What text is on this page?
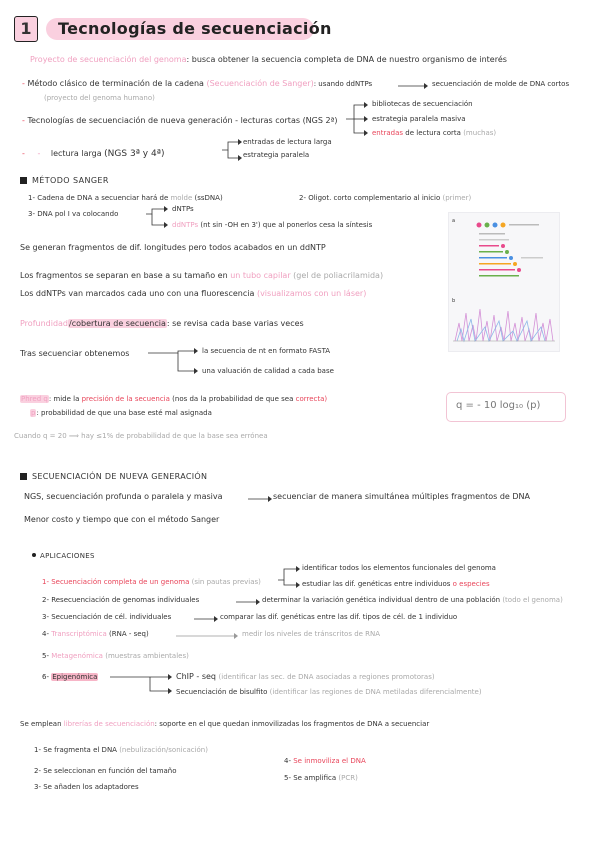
1	Tecnologías de secuenciación
Proyecto de secuenciación del genoma: busca obtener la secuencia completa de DNA de nuestro organismo de interés
- Método clásico de terminación de la cadena (Secuenciación de Sanger): usando ddNTPs	secuenciación de molde de DNA cortos
(proyecto del genoma humano)
- Tecnologías de secuenciación de nueva generación - lecturas cortas (NGS 2ª)
bibliotecas de secuenciación
estrategia paralela masiva
entradas de lectura corta (muchas)
- - lectura larga (NGS 3ª y 4ª)
entradas de lectura larga
estrategia paralela
MÉTODO SANGER
1- Cadena de DNA a secuenciar hará de molde (ssDNA)	2- Oligot. corto complementario al inicio (primer)
3- DNA pol I va colocando
dNTPs
ddNTPs (nt sin -OH en 3') que al ponerlos cesa la síntesis
Se generan fragmentos de dif. longitudes pero todos acabados en un ddNTP
Los fragmentos se separan en base a su tamaño en un tubo capilar (gel de poliacrilamida)
Los ddNTPs van marcados cada uno con una fluorescencia (visualizamos con un láser)
Profundidad/cobertura de secuencia: se revisa cada base varias veces
Tras secuenciar obtenemos	la secuencia de nt en formato FASTA
una valuación de calidad a cada base
Phred q: mide la precisión de la secuencia (nos da la probabilidad de que sea correcta)
p: probabilidad de que una base esté mal asignada
q = - 10 log₁₀ (p)
Cuando q = 20 ⟹ hay ≤1% de probabilidad de que la base sea errónea
a
b
SECUENCIACIÓN DE NUEVA GENERACIÓN
NGS, secuenciación profunda o paralela y masiva	secuenciar de manera simultánea múltiples fragmentos de DNA
Menor costo y tiempo que con el método Sanger
APLICACIONES
1- Secuenciación completa de un genoma (sin pautas previas)
identificar todos los elementos funcionales del genoma
estudiar las dif. genéticas entre individuos o especies
2- Resecuenciación de genomas individuales	determinar la variación genética individual dentro de una población (todo el genoma)
3- Secuenciación de cél. individuales	comparar las dif. genéticas entre las dif. tipos de cél. de 1 individuo
4- Transcriptómica (RNA - seq)	medir los niveles de tránscritos de RNA
5- Metagenómica (muestras ambientales)
6- Epigenómica	ChIP - seq (identificar las sec. de DNA asociadas a regiones promotoras)
Secuenciación de bisulfito (identificar las regiones de DNA metiladas diferencialmente)
Se emplean librerías de secuenciación: soporte en el que quedan inmovilizadas los fragmentos de DNA a secuenciar
1- Se fragmenta el DNA (nebulización/sonicación)
2- Se seleccionan en función del tamaño
3- Se añaden los adaptadores
4- Se inmoviliza el DNA
5- Se amplifica (PCR)
